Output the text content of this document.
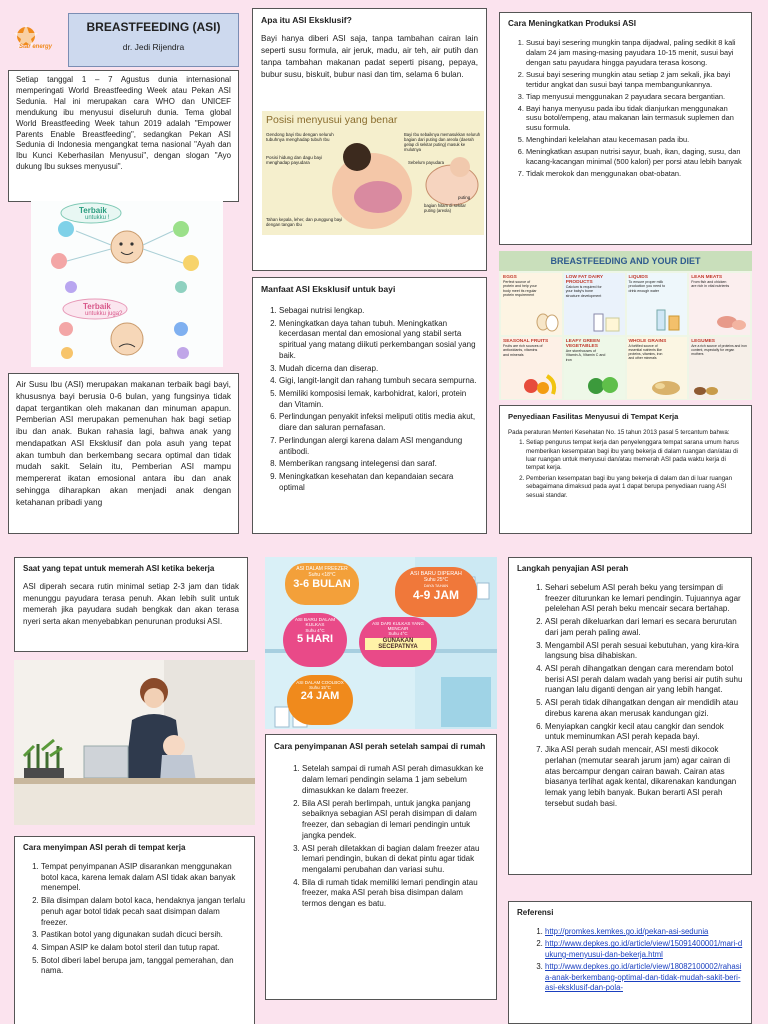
Star energy
BREASTFEEDING (ASI)
dr. Jedi Rijendra
Setiap tanggal 1 – 7 Agustus dunia internasional memperingati World Breastfeeding Week atau Pekan ASI Sedunia. Hal ini merupakan cara WHO dan UNICEF mendukung ibu menyusui diseluruh dunia. Tema global World Breastfeeding Week tahun 2019 adalah "Empower Parents Enable Breastfeeding", sedangkan Pekan ASI Sedunia di Indonesia mengangkat tema nasional "Ayah dan Ibu Kunci Keberhasilan Menyusui", dengan slogan "Ayo dukung Ibu sukses menyusui".
Terbaik
untukku !
Terbaik
untukku juga?
Air Susu Ibu (ASI) merupakan makanan terbaik bagi bayi, khususnya bayi berusia 0-6 bulan, yang fungsinya tidak dapat tergantikan oleh makanan dan minuman apapun. Pemberian ASI merupakan pemenuhan hak bagi setiap ibu dan anak. Bukan rahasia lagi, bahwa anak yang mendapatkan ASI Eksklusif dan pola asuh yang tepat akan tumbuh dan berkembang secara optimal dan tidak mudah sakit. Selain itu, Pemberian ASI mampu mempererat ikatan emosional antara ibu dan anak sehingga diharapkan akan menjadi anak dengan ketahanan pribadi yang
Apa itu ASI Eksklusif?
Bayi hanya diberi ASI saja, tanpa tambahan cairan lain seperti susu formula, air jeruk, madu, air teh, air putih dan tanpa tambahan makanan padat seperti pisang, pepaya, bubur susu, biskuit, bubur nasi dan tim, selama 6 bulan.
Posisi menyusui yang benar
Gendong bayi Ibu dengan seluruh tubuhnya menghadap tubuh Ibu
Posisi hidung dan dagu bayi menghadap payudara
Bayi Ibu sebaiknya memasukkan seluruh bagian dari puting dan areola (daerah gelap di sekitar puting) masuk ke mulutnya
Sebelum payudara
puting
bagian hitam di sekitar puting (areola)
Tahan kepala, leher, dan punggung bayi dengan tangan Ibu
Manfaat ASI Eksklusif untuk bayi
1. Sebagai nutrisi lengkap.
2. Meningkatkan daya tahan tubuh. Meningkatkan kecerdasan mental dan emosional yang stabil serta spiritual yang matang diikuti perkembangan sosial yang baik.
3. Mudah dicerna dan diserap.
4. Gigi, langit-langit dan rahang tumbuh secara sempurna.
5. Memiliki komposisi lemak, karbohidrat, kalori, protein dan Vitamin.
6. Perlindungan penyakit infeksi meliputi otitis media akut, diare dan saluran pernafasan.
7. Perlindungan alergi karena dalam ASI mengandung antibodi.
8. Memberikan rangsang intelegensi dan saraf.
9. Meningkatkan kesehatan dan kepandaian secara optimal
Cara Meningkatkan Produksi ASI
1. Susui bayi sesering mungkin tanpa dijadwal, paling sedikit 8 kali dalam 24 jam masing-masing payudara 10-15 menit, susui bayi dengan satu payudara hingga payudara terasa kosong.
2. Susui bayi sesering mungkin atau setiap 2 jam sekali, jika bayi tertidur angkat dan susui bayi tanpa membangunkannya.
3. Tiap menyusui menggunakan 2 payudara secara bergantian.
4. Bayi hanya menyusu pada ibu tidak dianjurkan menggunakan susu botol/empeng, atau makanan lain termasuk suplemen dan susu formula.
5. Menghindari kelelahan atau kecemasan pada ibu.
6. Meningkatkan asupan nutrisi sayur, buah, ikan, daging, susu, dan kacang-kacangan minimal (500 kalori) per porsi atau lebih banyak
7. Tidak merokok dan menggunakan obat-obatan.
BREASTFEEDING AND YOUR DIET
EGGS
Perfect source of protein and help your body meet its regular protein requirement
LOW FAT DAIRY PRODUCTS
Calcium is required for your baby's bone structure development
LIQUIDS
To ensure proper milk production you need to drink enough water
LEAN MEATS
From fish and chicken are rich in vital nutrients
SEASONAL FRUITS
Fruits are rich sources of antioxidants, vitamins and minerals
LEAFY GREEN VEGETABLES
Are storehouses of Vitamin A, Vitamin C and iron
WHOLE GRAINS
A fortified source of essential nutrients like proteins, vitamins, iron and other minerals
LEGUMES
Are a rich source of proteins and iron content, especially for vegan mothers
Penyediaan Fasilitas Menyusui di Tempat Kerja
Pada peraturan Menteri Kesehatan No. 15 tahun 2013 pasal 5 tercantum bahwa:
1. Setiap pengurus tempat kerja dan penyelenggara tempat sarana umum harus memberikan kesempatan bagi ibu yang bekerja di dalam ruangan dan/atau di luar ruangan untuk menyusui dan/atau memerah ASI pada waktu kerja di tempat kerja.
2. Pemberian kesempatan bagi ibu yang bekerja di dalam dan di luar ruangan sebagaimana dimaksud pada ayat 1 dapat berupa penyediaan ruang ASI sesuai standar.
Saat yang tepat untuk memerah ASI ketika bekerja
ASI diperah secara rutin minimal setiap 2-3 jam dan tidak menunggu payudara terasa penuh. Akan lebih sulit untuk memerah jika payudara sudah bengkak dan akan terasa nyeri serta akan menyebabkan penurunan produksi ASI.
Cara menyimpan ASI perah di tempat kerja
1. Tempat penyimpanan ASIP disarankan menggunakan botol kaca, karena lemak dalam ASI tidak akan banyak menempel.
2. Bila disimpan dalam botol kaca, hendaknya jangan terlalu penuh agar botol tidak pecah saat disimpan dalam freezer.
3. Pastikan botol yang digunakan sudah dicuci bersih.
4. Simpan ASIP ke dalam botol steril dan tutup rapat.
5. Botol diberi label berupa jam, tanggal pemerahan, dan nama.
ASI DALAM FREEZER
Suhu <18°C
3-6 BULAN
ASI BARU DIPERAH
Suhu 25°C
DAYA TAHAN
4-9 JAM
ASI BARU DALAM KULKAS
Suhu 4°C
5 HARI
ASI DARI KULKAS YANG MENCAIR
Suhu 4°C
GUNAKAN SECEPATNYA
ASI DALAM COOLBOX
Suhu 15°C
24 JAM
Cara penyimpanan ASI perah setelah sampai di rumah
1. Setelah sampai di rumah ASI perah dimasukkan ke dalam lemari pendingin selama 1 jam sebelum dimasukkan ke dalam freezer.
2. Bila ASI perah berlimpah, untuk jangka panjang sebaiknya sebagian ASI perah disimpan di dalam freezer, dan sebagian di lemari pendingin untuk jangka pendek.
3. ASI perah diletakkan di bagian dalam freezer atau lemari pendingin, bukan di dekat pintu agar tidak mengalami perubahan dan variasi suhu.
4. Bila di rumah tidak memiliki lemari pendingin atau freezer, maka ASI perah bisa disimpan dalam termos dengan es batu.
Langkah penyajian ASI perah
1. Sehari sebelum ASI perah beku yang tersimpan di freezer diturunkan ke lemari pendingin. Tujuannya agar pelelehan ASI perah beku mencair secara bertahap.
2. ASI perah dikeluarkan dari lemari es secara berurutan dari jam perah paling awal.
3. Mengambil ASI perah sesuai kebutuhan, yang kira-kira langsung bisa dihabiskan.
4. ASI perah dihangatkan dengan cara merendam botol berisi ASI perah dalam wadah yang berisi air putih suhu ruangan lalu diganti dengan air yang lebih hangat.
5. ASI perah tidak dihangatkan dengan air mendidih atau direbus karena akan merusak kandungan gizi.
6. Menyiapkan cangkir kecil atau cangkir dan sendok untuk meminumkan ASI perah kepada bayi.
7. Jika ASI perah sudah mencair, ASI mesti dikocok perlahan (memutar searah jarum jam) agar cairan di atas bercampur dengan cairan bawah. Cairan atas biasanya terlihat agak kental, dikarenakan kandungan lemak yang lebih banyak. Bukan berarti ASI perah tersebut sudah basi.
Referensi
1. http://promkes.kemkes.go.id/pekan-asi-sedunia
2. http://www.depkes.go.id/article/view/15091400001/mari-dukung-menyusui-dan-bekerja.html
3. http://www.depkes.go.id/article/view/18082100002/rahasia-anak-berkembang-optimal-dan-tidak-mudah-sakit-beri-asi-eksklusif-dan-pola-
